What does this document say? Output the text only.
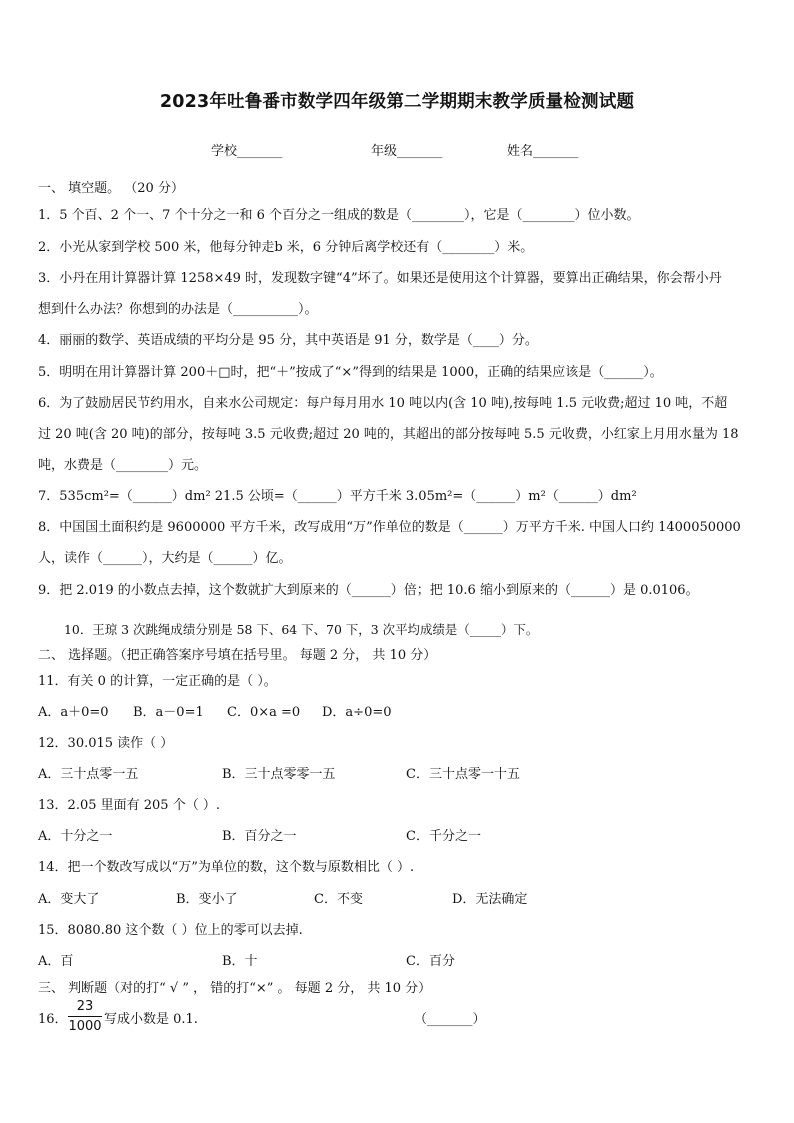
2023年吐鲁番市数学四年级第二学期期末教学质量检测试题
学校_______	年级_______	姓名_______
一、 填空题。 （20 分）
1．5 个百、2 个一、7 个十分之一和 6 个百分之一组成的数是（________），它是（________）位小数。
2．小光从家到学校 500 米，他每分钟走b 米，6 分钟后离学校还有（________）米。
3．小丹在用计算器计算 1258×49 时，发现数字键“4”坏了。如果还是使用这个计算器，要算出正确结果，你会帮小丹
想到什么办法？你想到的办法是（__________）。
4．丽丽的数学、英语成绩的平均分是 95 分，其中英语是 91 分，数学是（____）分。
5．明明在用计算器计算 200＋□时，把“＋”按成了“×”得到的结果是 1000，正确的结果应该是（______）。
6．为了鼓励居民节约用水，自来水公司规定：每户每月用水 10 吨以内(含 10 吨),按每吨 1.5 元收费;超过 10 吨，不超
过 20 吨(含 20 吨)的部分，按每吨 3.5 元收费;超过 20 吨的，其超出的部分按每吨 5.5 元收费，小红家上月用水量为 18
吨，水费是（________）元。
7．535cm²=（______）dm² 21.5 公顷=（______）平方千米 3.05m²=（______）m²（______）dm²
8．中国国土面积约是 9600000 平方千米，改写成用“万”作单位的数是（______）万平方千米. 中国人口约 1400050000
人，读作（______），大约是（______）亿。
9．把 2.019 的小数点去掉，这个数就扩大到原来的（______）倍；把 10.6 缩小到原来的（______）是 0.0106。
10．王琼 3 次跳绳成绩分别是 58 下、64 下、70 下，3 次平均成绩是（_____）下。
二、 选择题。（把正确答案序号填在括号里。 每题 2 分， 共 10 分）
11．有关 0 的计算，一定正确的是（ ）。
A．a＋0=0 B．a－0=1 C．0×a =0 D．a÷0=0
12．30.015 读作（ ）
A．三十点零一五	B．三十点零零一五	C．三十点零一十五
13．2.05 里面有 205 个（ ）.
A．十分之一	B．百分之一	C．千分之一
14．把一个数改写成以“万”为单位的数，这个数与原数相比（ ）.
A．变大了	B．变小了	C．不变	D．无法确定
15．8080.80 这个数（ ）位上的零可以去掉.
A．百	B．十	C．百分
三、 判断题（对的打“ √ ” ， 错的打“×” 。 每题 2 分， 共 10 分）
16．
23
1000 写成小数是 0.1.	（_______）
